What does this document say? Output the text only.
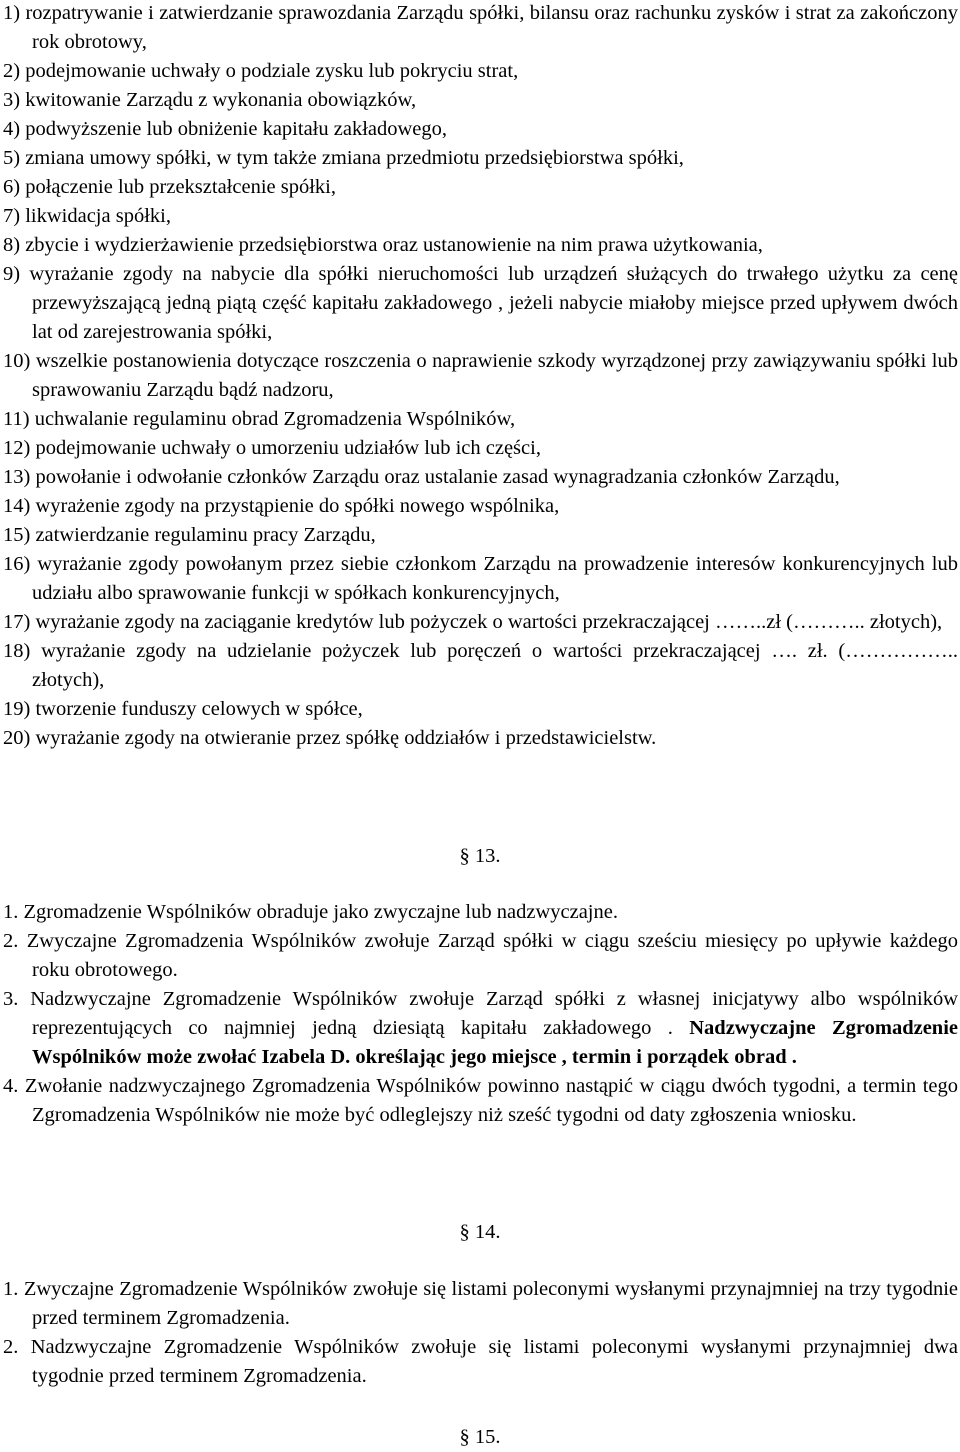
1) rozpatrywanie i zatwierdzanie sprawozdania Zarządu spółki, bilansu oraz rachunku zysków i strat za zakończony rok obrotowy,

2) podejmowanie uchwały o podziale zysku lub pokryciu strat,

3) kwitowanie Zarządu z wykonania obowiązków,

4) podwyższenie lub obniżenie kapitału zakładowego,

5) zmiana umowy spółki, w tym także zmiana przedmiotu przedsiębiorstwa spółki,

6) połączenie lub przekształcenie spółki,

7) likwidacja spółki,

8) zbycie i wydzierżawienie przedsiębiorstwa oraz ustanowienie na nim prawa użytkowania,

9) wyrażanie zgody na nabycie dla spółki nieruchomości lub urządzeń służących do trwałego użytku za cenę przewyższającą jedną piątą część kapitału zakładowego , jeżeli nabycie miałoby miejsce przed upływem dwóch lat od zarejestrowania spółki,

10) wszelkie postanowienia dotyczące roszczenia o naprawienie szkody wyrządzonej przy zawiązywaniu spółki lub sprawowaniu Zarządu bądź nadzoru,

11) uchwalanie regulaminu obrad Zgromadzenia Wspólników,

12) podejmowanie uchwały o umorzeniu udziałów lub ich części,

13) powołanie i odwołanie członków Zarządu oraz ustalanie zasad wynagradzania członków Zarządu,

14) wyrażenie zgody na przystąpienie do spółki nowego wspólnika,

15) zatwierdzanie regulaminu pracy Zarządu,

16) wyrażanie zgody powołanym przez siebie członkom Zarządu na prowadzenie interesów konkurencyjnych lub udziału albo sprawowanie funkcji w spółkach konkurencyjnych,

17) wyrażanie zgody na zaciąganie kredytów lub pożyczek o wartości przekraczającej ……..zł (……….. złotych),

18) wyrażanie zgody na udzielanie pożyczek lub poręczeń o wartości przekraczającej …. zł. (…………….. złotych),

19) tworzenie funduszy celowych w spółce,

20) wyrażanie zgody na otwieranie przez spółkę oddziałów i przedstawicielstw.

§ 13.

1. Zgromadzenie Wspólników obraduje jako zwyczajne lub nadzwyczajne.

2. Zwyczajne Zgromadzenia Wspólników zwołuje Zarząd spółki w ciągu sześciu miesięcy po upływie każdego roku obrotowego.

3. Nadzwyczajne Zgromadzenie Wspólników zwołuje Zarząd spółki z własnej inicjatywy albo wspólników reprezentujących co najmniej jedną dziesiątą kapitału zakładowego . Nadzwyczajne Zgromadzenie Wspólników może zwołać Izabela D. określając jego miejsce , termin i porządek obrad .

4. Zwołanie nadzwyczajnego Zgromadzenia Wspólników powinno nastąpić w ciągu dwóch tygodni, a termin tego Zgromadzenia Wspólników nie może być odleglejszy niż sześć tygodni od daty zgłoszenia wniosku.

§ 14.

1. Zwyczajne Zgromadzenie Wspólników zwołuje się listami poleconymi wysłanymi przynajmniej na trzy tygodnie przed terminem Zgromadzenia.

2. Nadzwyczajne Zgromadzenie Wspólników zwołuje się listami poleconymi wysłanymi przynajmniej dwa tygodnie przed terminem Zgromadzenia.

§ 15.
